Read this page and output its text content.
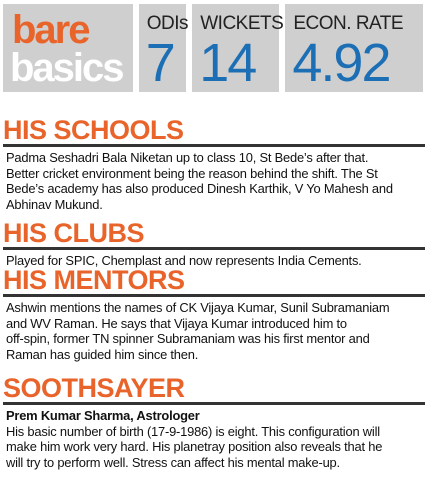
bare
basics
ODIs
7
WICKETS
14
ECON. RATE
4.92
HIS SCHOOLS
Padma Seshadri Bala Niketan up to class 10, St Bede’s after that.
Better cricket environment being the reason behind the shift. The St
Bede’s academy has also produced Dinesh Karthik, V Yo Mahesh and
Abhinav Mukund.
HIS CLUBS
Played for SPIC, Chemplast and now represents India Cements.
HIS MENTORS
Ashwin mentions the names of CK Vijaya Kumar, Sunil Subramaniam
and WV Raman. He says that Vijaya Kumar introduced him to
off-spin, former TN spinner Subramaniam was his first mentor and
Raman has guided him since then.
SOOTHSAYER
Prem Kumar Sharma, Astrologer
His basic number of birth (17-9-1986) is eight. This configuration will
make him work very hard. His planetray position also reveals that he
will try to perform well. Stress can affect his mental make-up.
